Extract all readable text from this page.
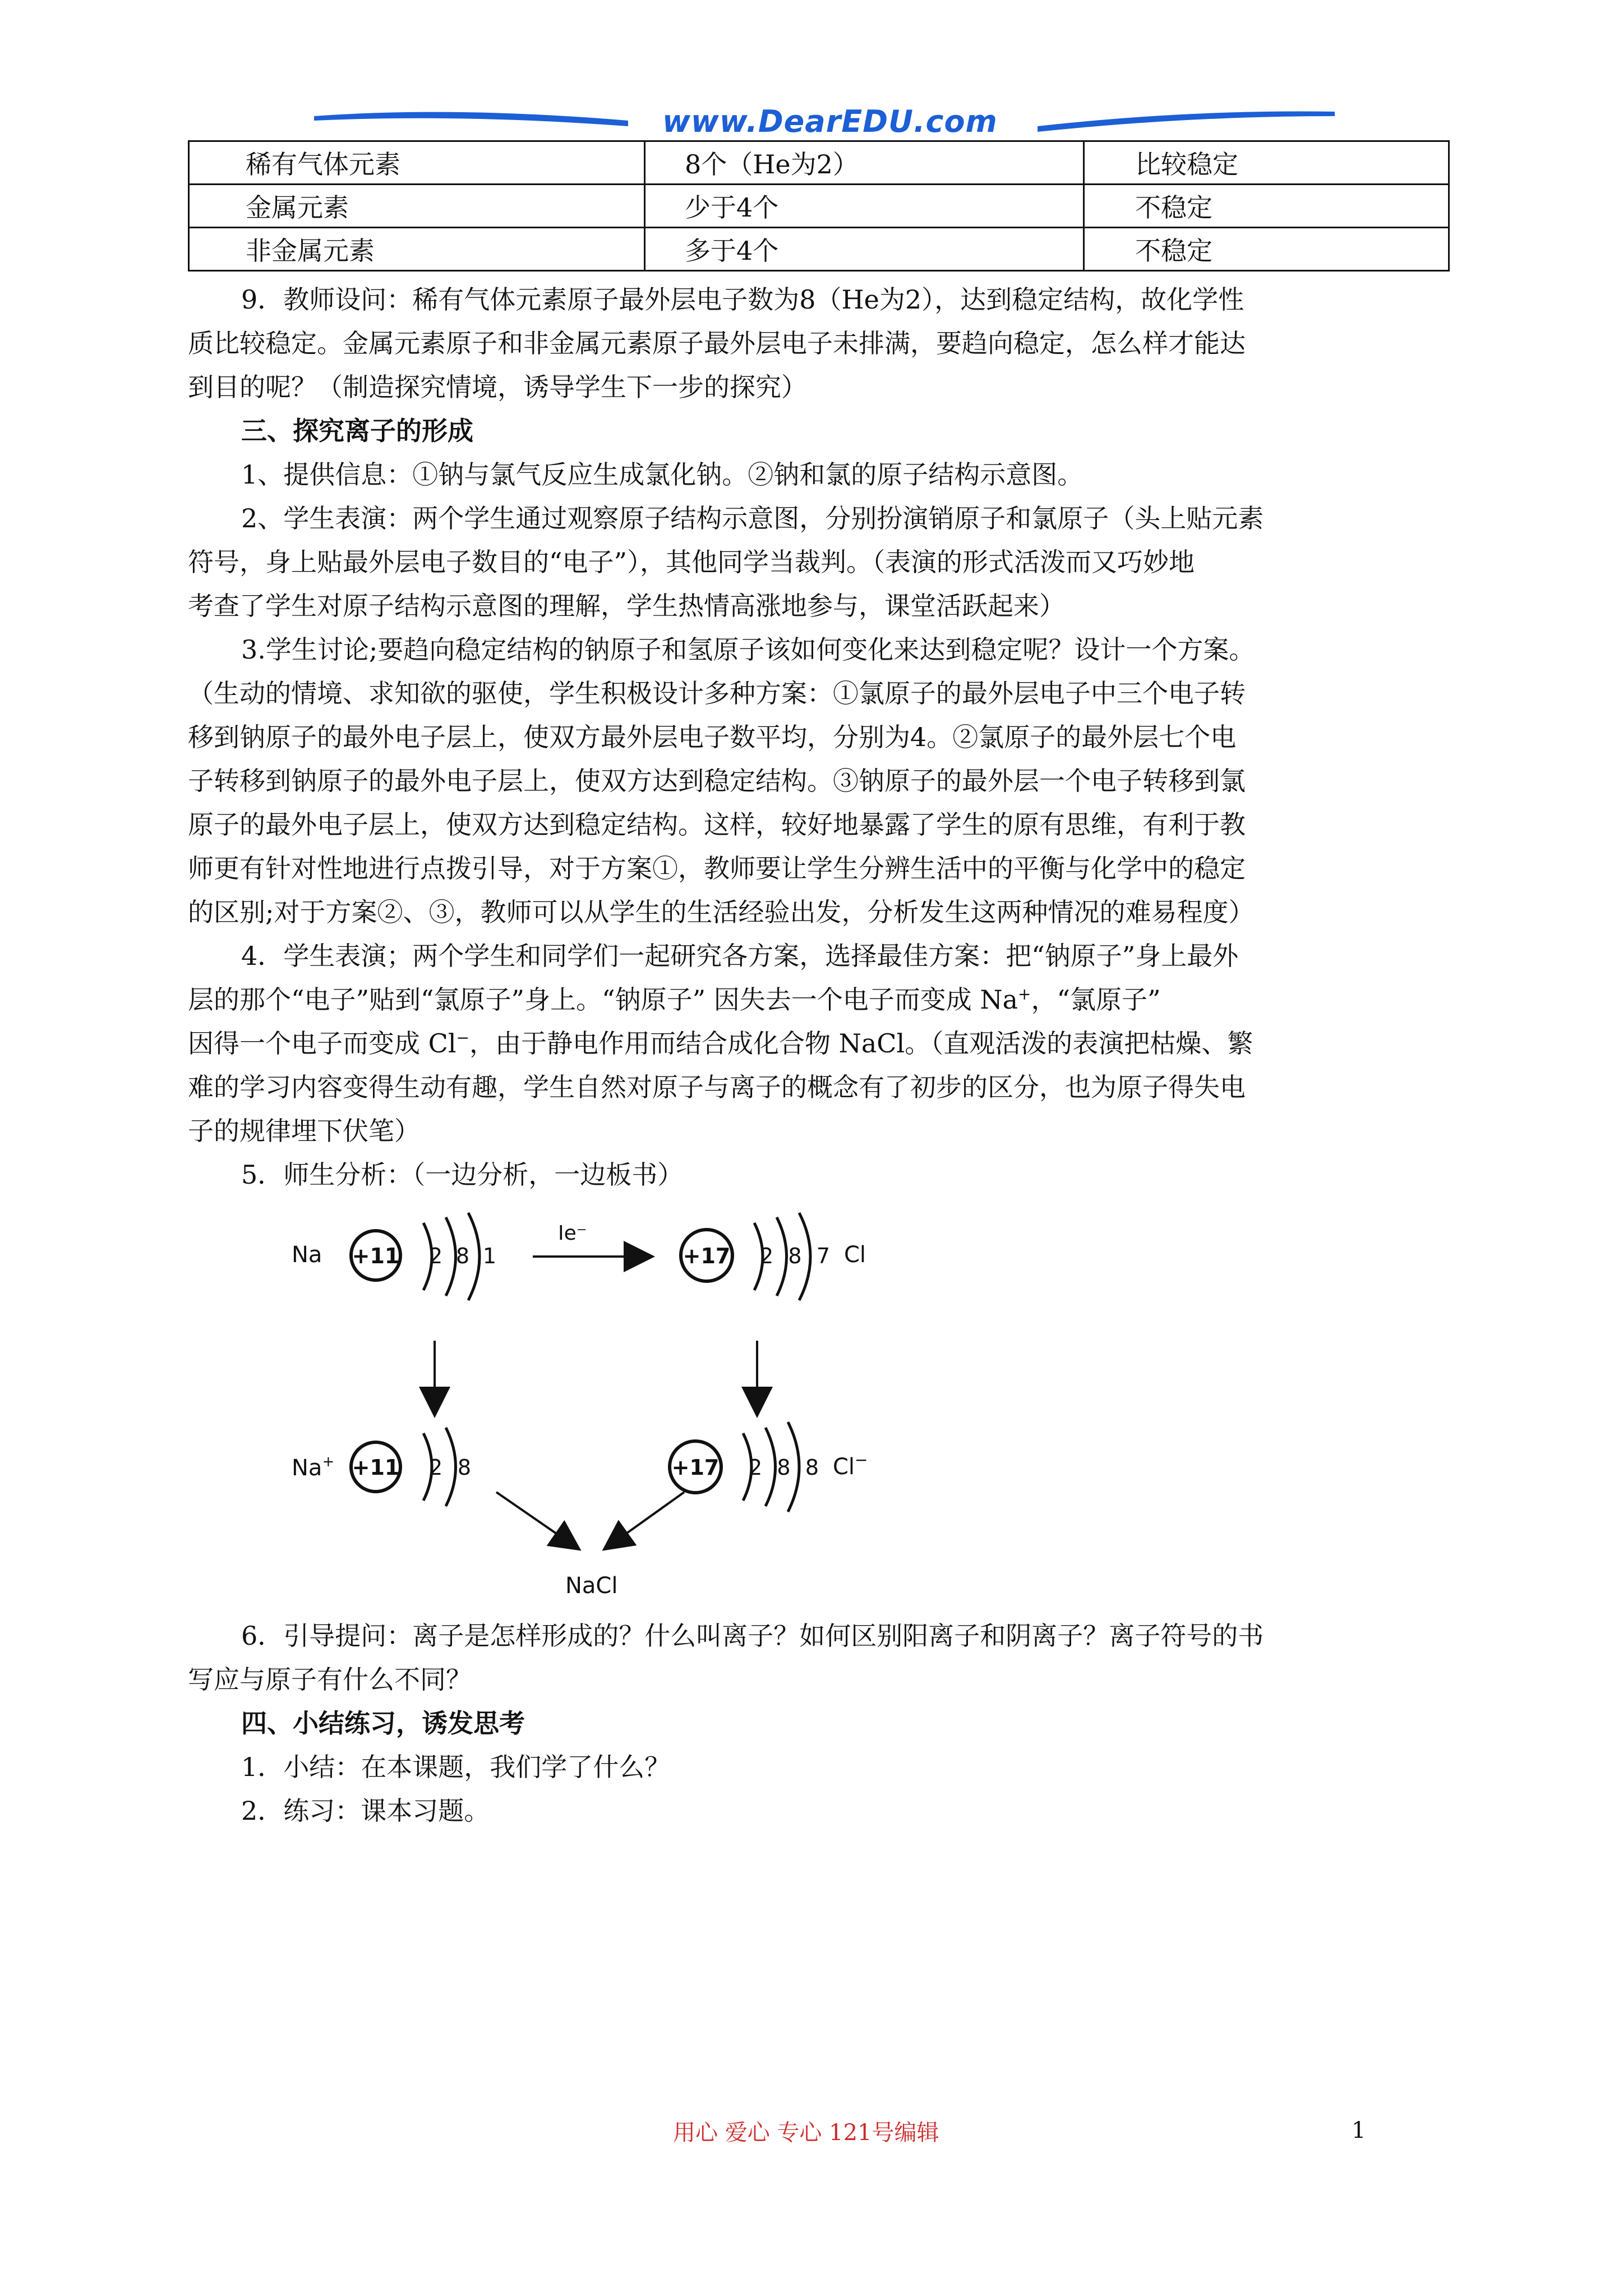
www.DearEDU.com
稀有气体元素	8个（He为2）	比较稳定
金属元素	少于4个	不稳定
非金属元素	多于4个	不稳定
9．教师设问：稀有气体元素原子最外层电子数为8（He为2），达到稳定结构，故化学性
质比较稳定。金属元素原子和非金属元素原子最外层电子未排满，要趋向稳定，怎么样才能达
到目的呢？（制造探究情境，诱导学生下一步的探究）
三、探究离子的形成
1、提供信息：①钠与氯气反应生成氯化钠。②钠和氯的原子结构示意图。
2、学生表演：两个学生通过观察原子结构示意图，分别扮演销原子和氯原子（头上贴元素
符号，身上贴最外层电子数目的“电子”），其他同学当裁判。（表演的形式活泼而又巧妙地
考查了学生对原子结构示意图的理解，学生热情高涨地参与，课堂活跃起来）
3.学生讨论;要趋向稳定结构的钠原子和氢原子该如何变化来达到稳定呢？设计一个方案。
（生动的情境、求知欲的驱使，学生积极设计多种方案：①氯原子的最外层电子中三个电子转
移到钠原子的最外电子层上，使双方最外层电子数平均，分别为4。②氯原子的最外层七个电
子转移到钠原子的最外电子层上，使双方达到稳定结构。③钠原子的最外层一个电子转移到氯
原子的最外电子层上，使双方达到稳定结构。这样，较好地暴露了学生的原有思维，有利于教
师更有针对性地进行点拨引导，对于方案①，教师要让学生分辨生活中的平衡与化学中的稳定
的区别;对于方案②、③，教师可以从学生的生活经验出发，分析发生这两种情况的难易程度）
4．学生表演；两个学生和同学们一起研究各方案，选择最佳方案：把“钠原子”身上最外
层的那个“电子”贴到“氯原子”身上。“钠原子” 因失去一个电子而变成 Na+，“氯原子”
因得一个电子而变成 Cl−，由于静电作用而结合成化合物 NaCl。（直观活泼的表演把枯燥、繁
难的学习内容变得生动有趣，学生自然对原子与离子的概念有了初步的区分，也为原子得失电
子的规律埋下伏笔）
5．师生分析：（一边分析，一边板书）
Na +11 2 8 1
Ie⁻
+17 2 8 7 Cl
Na+ +11 2 8	+17 2 8 8 Cl−
NaCl
6．引导提问：离子是怎样形成的？什么叫离子？如何区别阳离子和阴离子？离子符号的书
写应与原子有什么不同？
四、小结练习，诱发思考
1．小结：在本课题，我们学了什么？
2．练习：课本习题。
用心 爱心 专心 121号编辑	1
